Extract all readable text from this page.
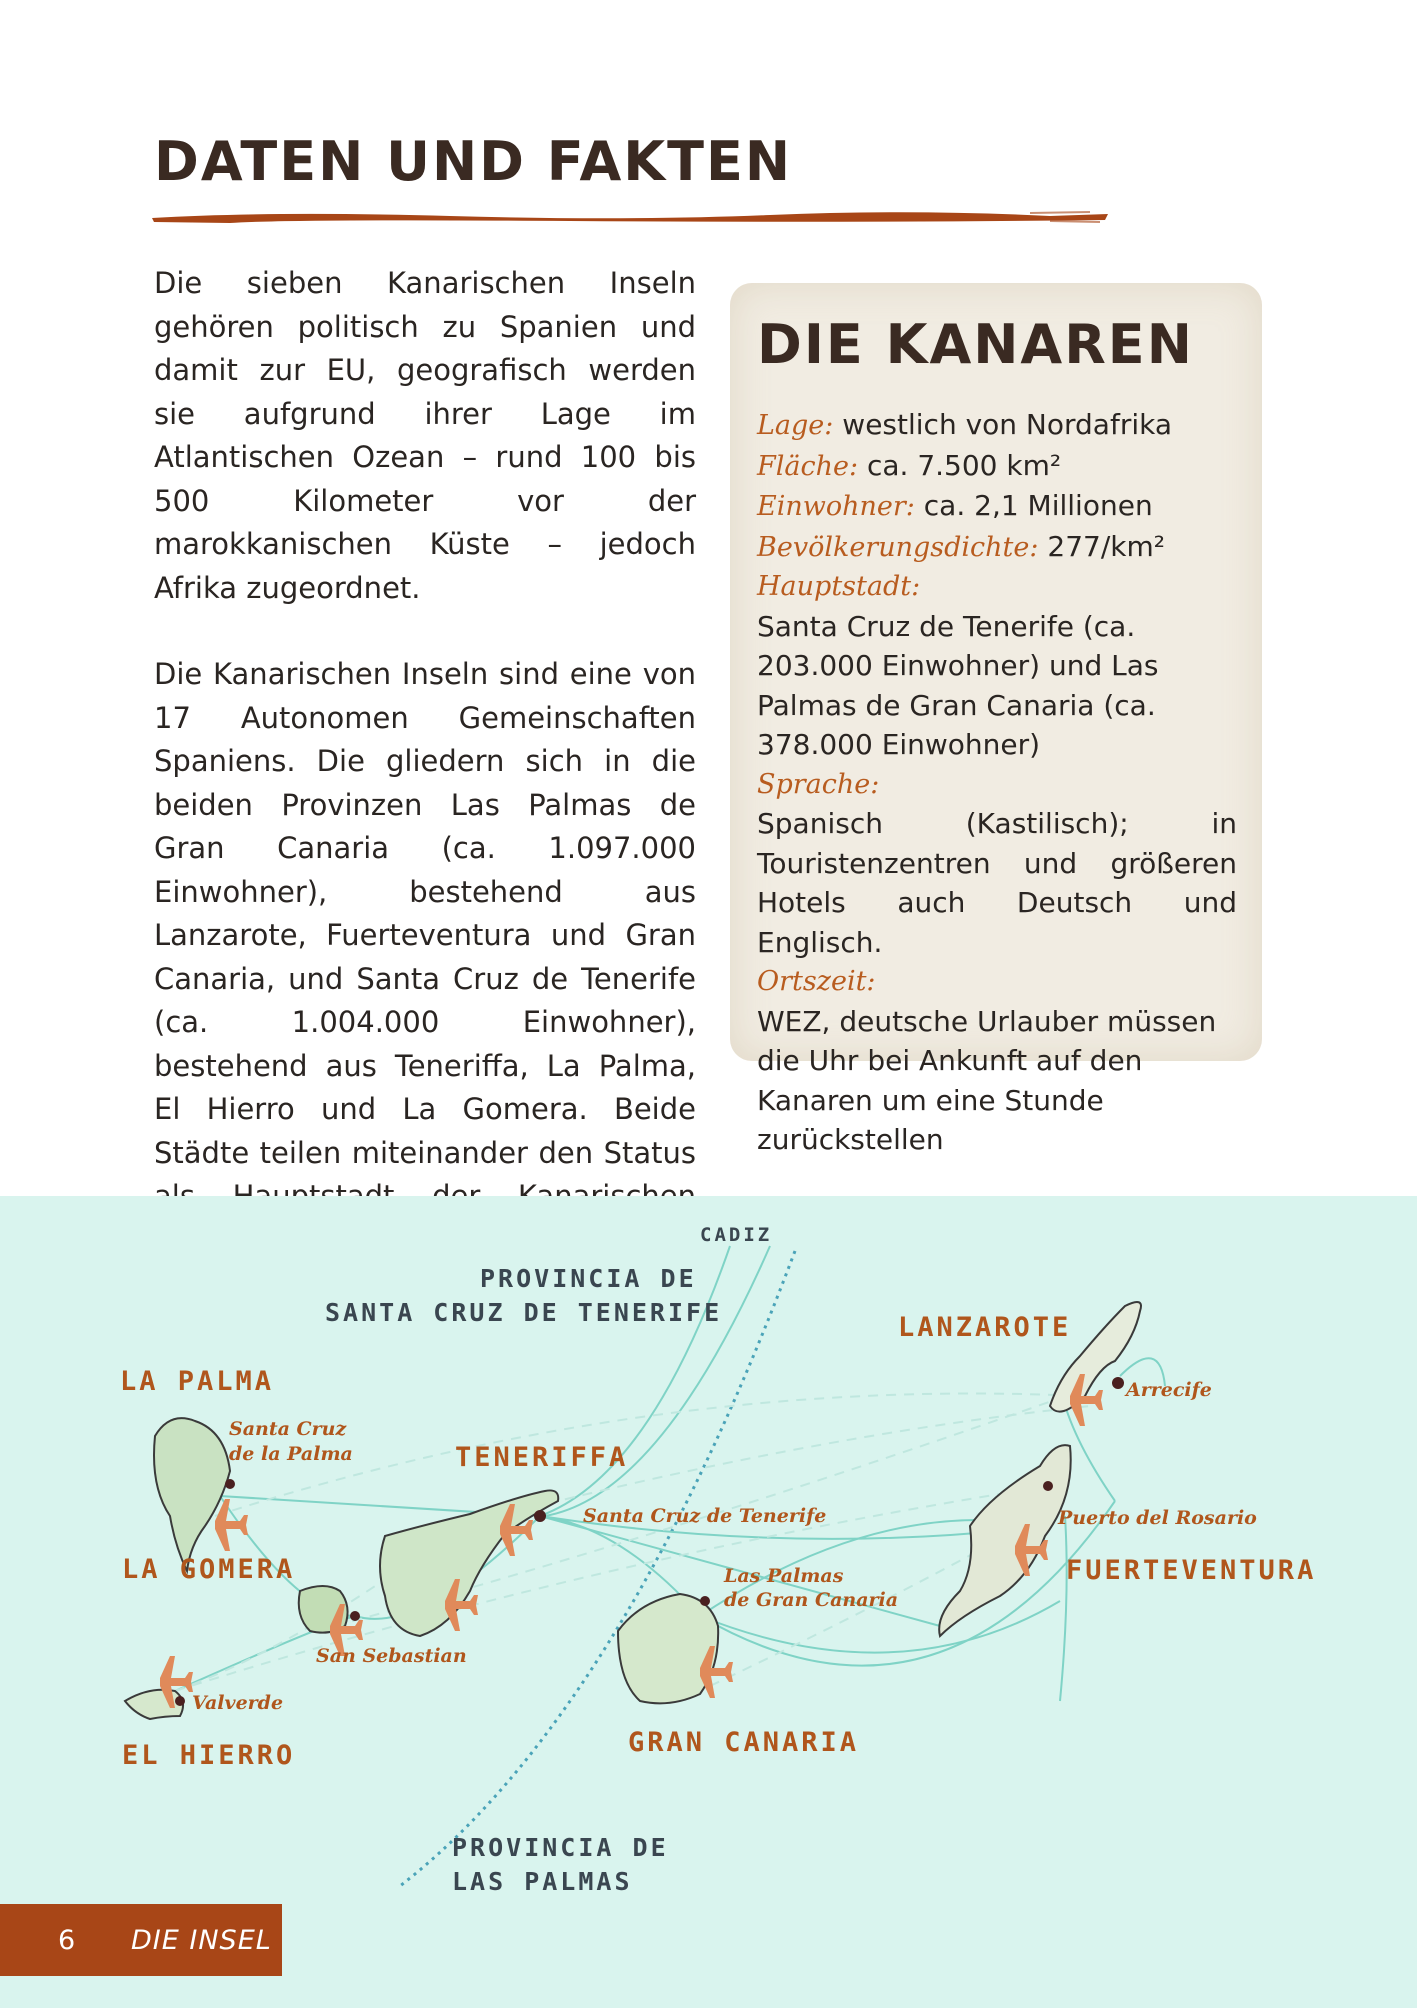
DATEN UND FAKTEN

Die sieben Kanarischen Inseln gehören politisch zu Spanien und damit zur EU, geografisch werden sie aufgrund ihrer Lage im Atlantischen Ozean – rund 100 bis 500 Kilometer vor der marokkanischen Küste – jedoch Afrika zugeordnet.

Die Kanarischen Inseln sind eine von 17 Autonomen Gemeinschaften Spaniens. Die gliedern sich in die beiden Provinzen Las Palmas de Gran Canaria (ca. 1.097.000 Einwohner), bestehend aus Lanzarote, Fuerteventura und Gran Canaria, und Santa Cruz de Tenerife (ca. 1.004.000 Einwohner), bestehend aus Teneriffa, La Palma, El Hierro und La Gomera. Beide Städte teilen miteinander den Status

DIE KANAREN
Lage: westlich von Nordafrika
Fläche: ca. 7.500 km²
Einwohner: ca. 2,1 Millionen
Bevölkerungsdichte: 277/km²
Hauptstadt:
Santa Cruz de Tenerife (ca. 203.000 Einwohner) und Las Palmas de Gran Canaria (ca. 378.000 Einwohner)
Sprache:
Spanisch (Kastilisch); in Touristenzentren und größeren Hotels auch Deutsch und Englisch.
Ortszeit:
WEZ, deutsche Urlauber müssen die Uhr bei Ankunft auf den Kanaren um eine Stunde zurückstellen
CADIZ
PROVINCIA DE
SANTA CRUZ DE TENERIFE
PROVINCIA DE
LAS PALMAS
LA PALMA
LA GOMERA
EL HIERRO
TENERIFFA
GRAN CANARIA
LANZAROTE
FUERTEVENTURA
Santa Cruz
de la Palma
Santa Cruz de Tenerife
San Sebastian
Valverde
Las Palmas
de Gran Canaria
Arrecife
Puerto del Rosario
6 DIE INSEL
